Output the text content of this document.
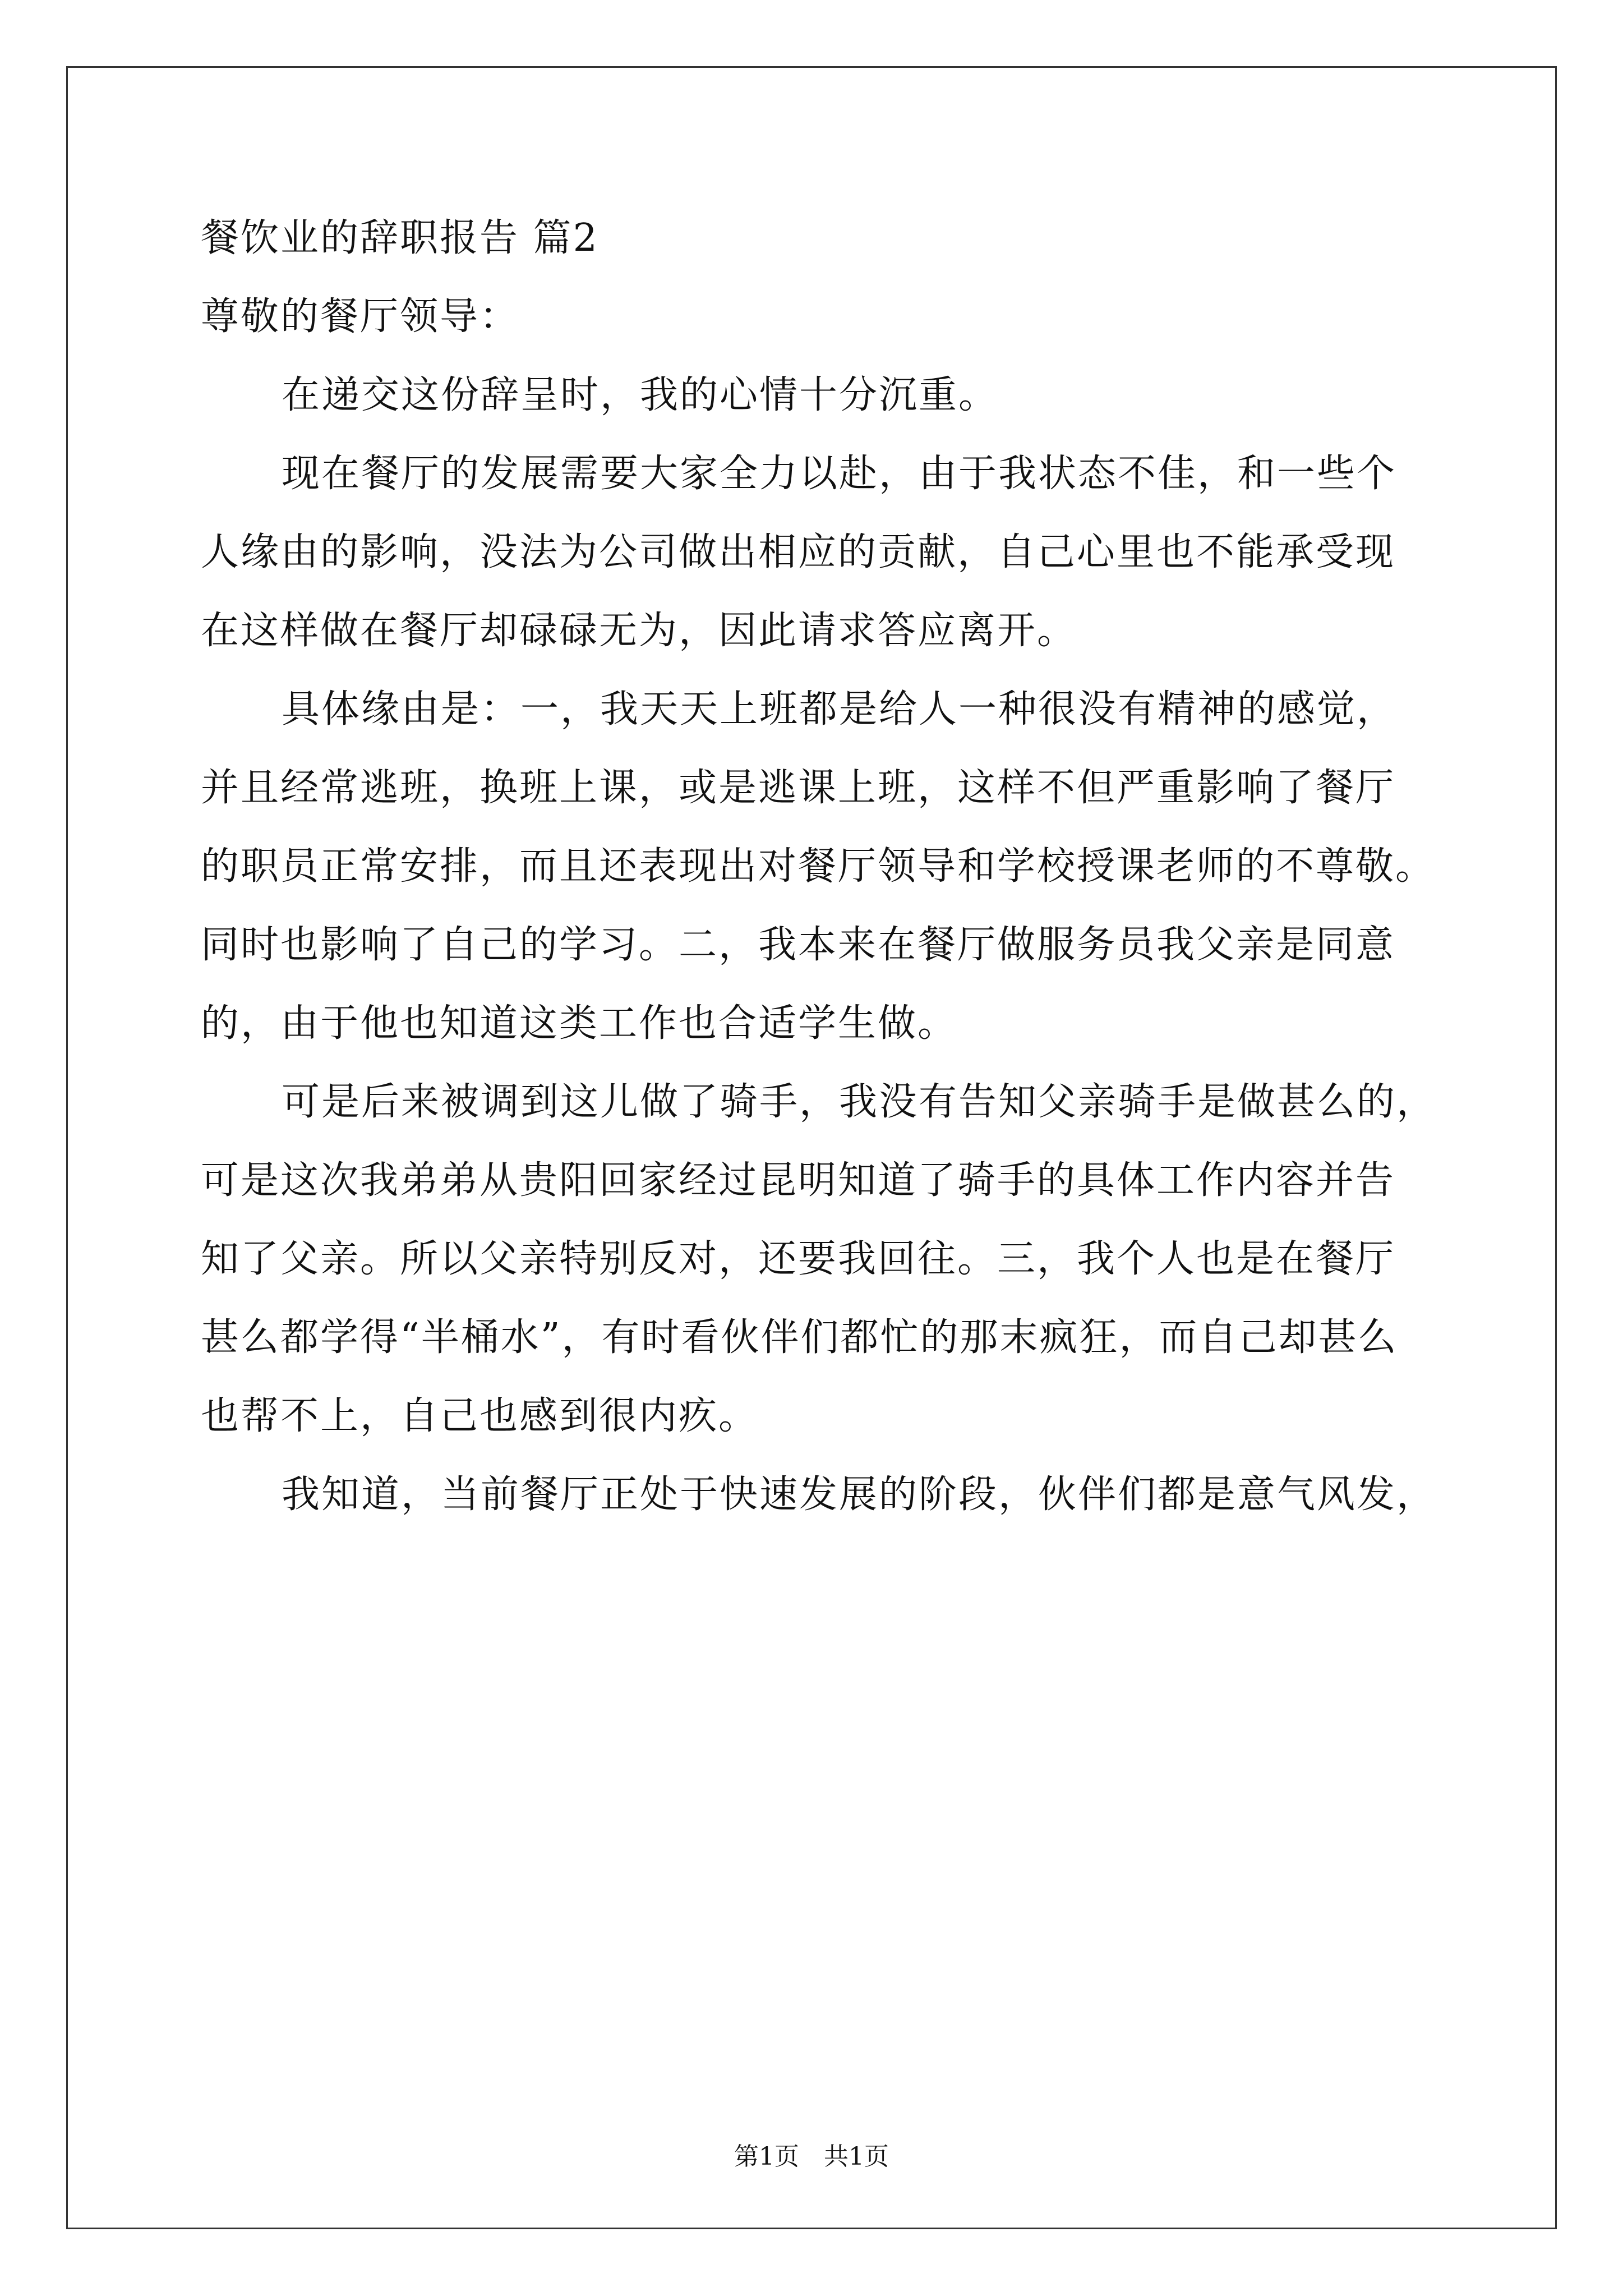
餐饮业的辞职报告 篇2
尊敬的餐厅领导：
在递交这份辞呈时，我的心情十分沉重。
现在餐厅的发展需要大家全力以赴，由于我状态不佳，和一些个
人缘由的影响，没法为公司做出相应的贡献，自己心里也不能承受现
在这样做在餐厅却碌碌无为，因此请求答应离开。
具体缘由是：一，我天天上班都是给人一种很没有精神的感觉，
并且经常逃班，换班上课，或是逃课上班，这样不但严重影响了餐厅
的职员正常安排，而且还表现出对餐厅领导和学校授课老师的不尊敬。
同时也影响了自己的学习。二，我本来在餐厅做服务员我父亲是同意
的，由于他也知道这类工作也合适学生做。
可是后来被调到这儿做了骑手，我没有告知父亲骑手是做甚么的，
可是这次我弟弟从贵阳回家经过昆明知道了骑手的具体工作内容并告
知了父亲。所以父亲特别反对，还要我回往。三，我个人也是在餐厅
甚么都学得“半桶水”，有时看伙伴们都忙的那末疯狂，而自己却甚么
也帮不上，自己也感到很内疚。
我知道，当前餐厅正处于快速发展的阶段，伙伴们都是意气风发，
第1页　共1页
